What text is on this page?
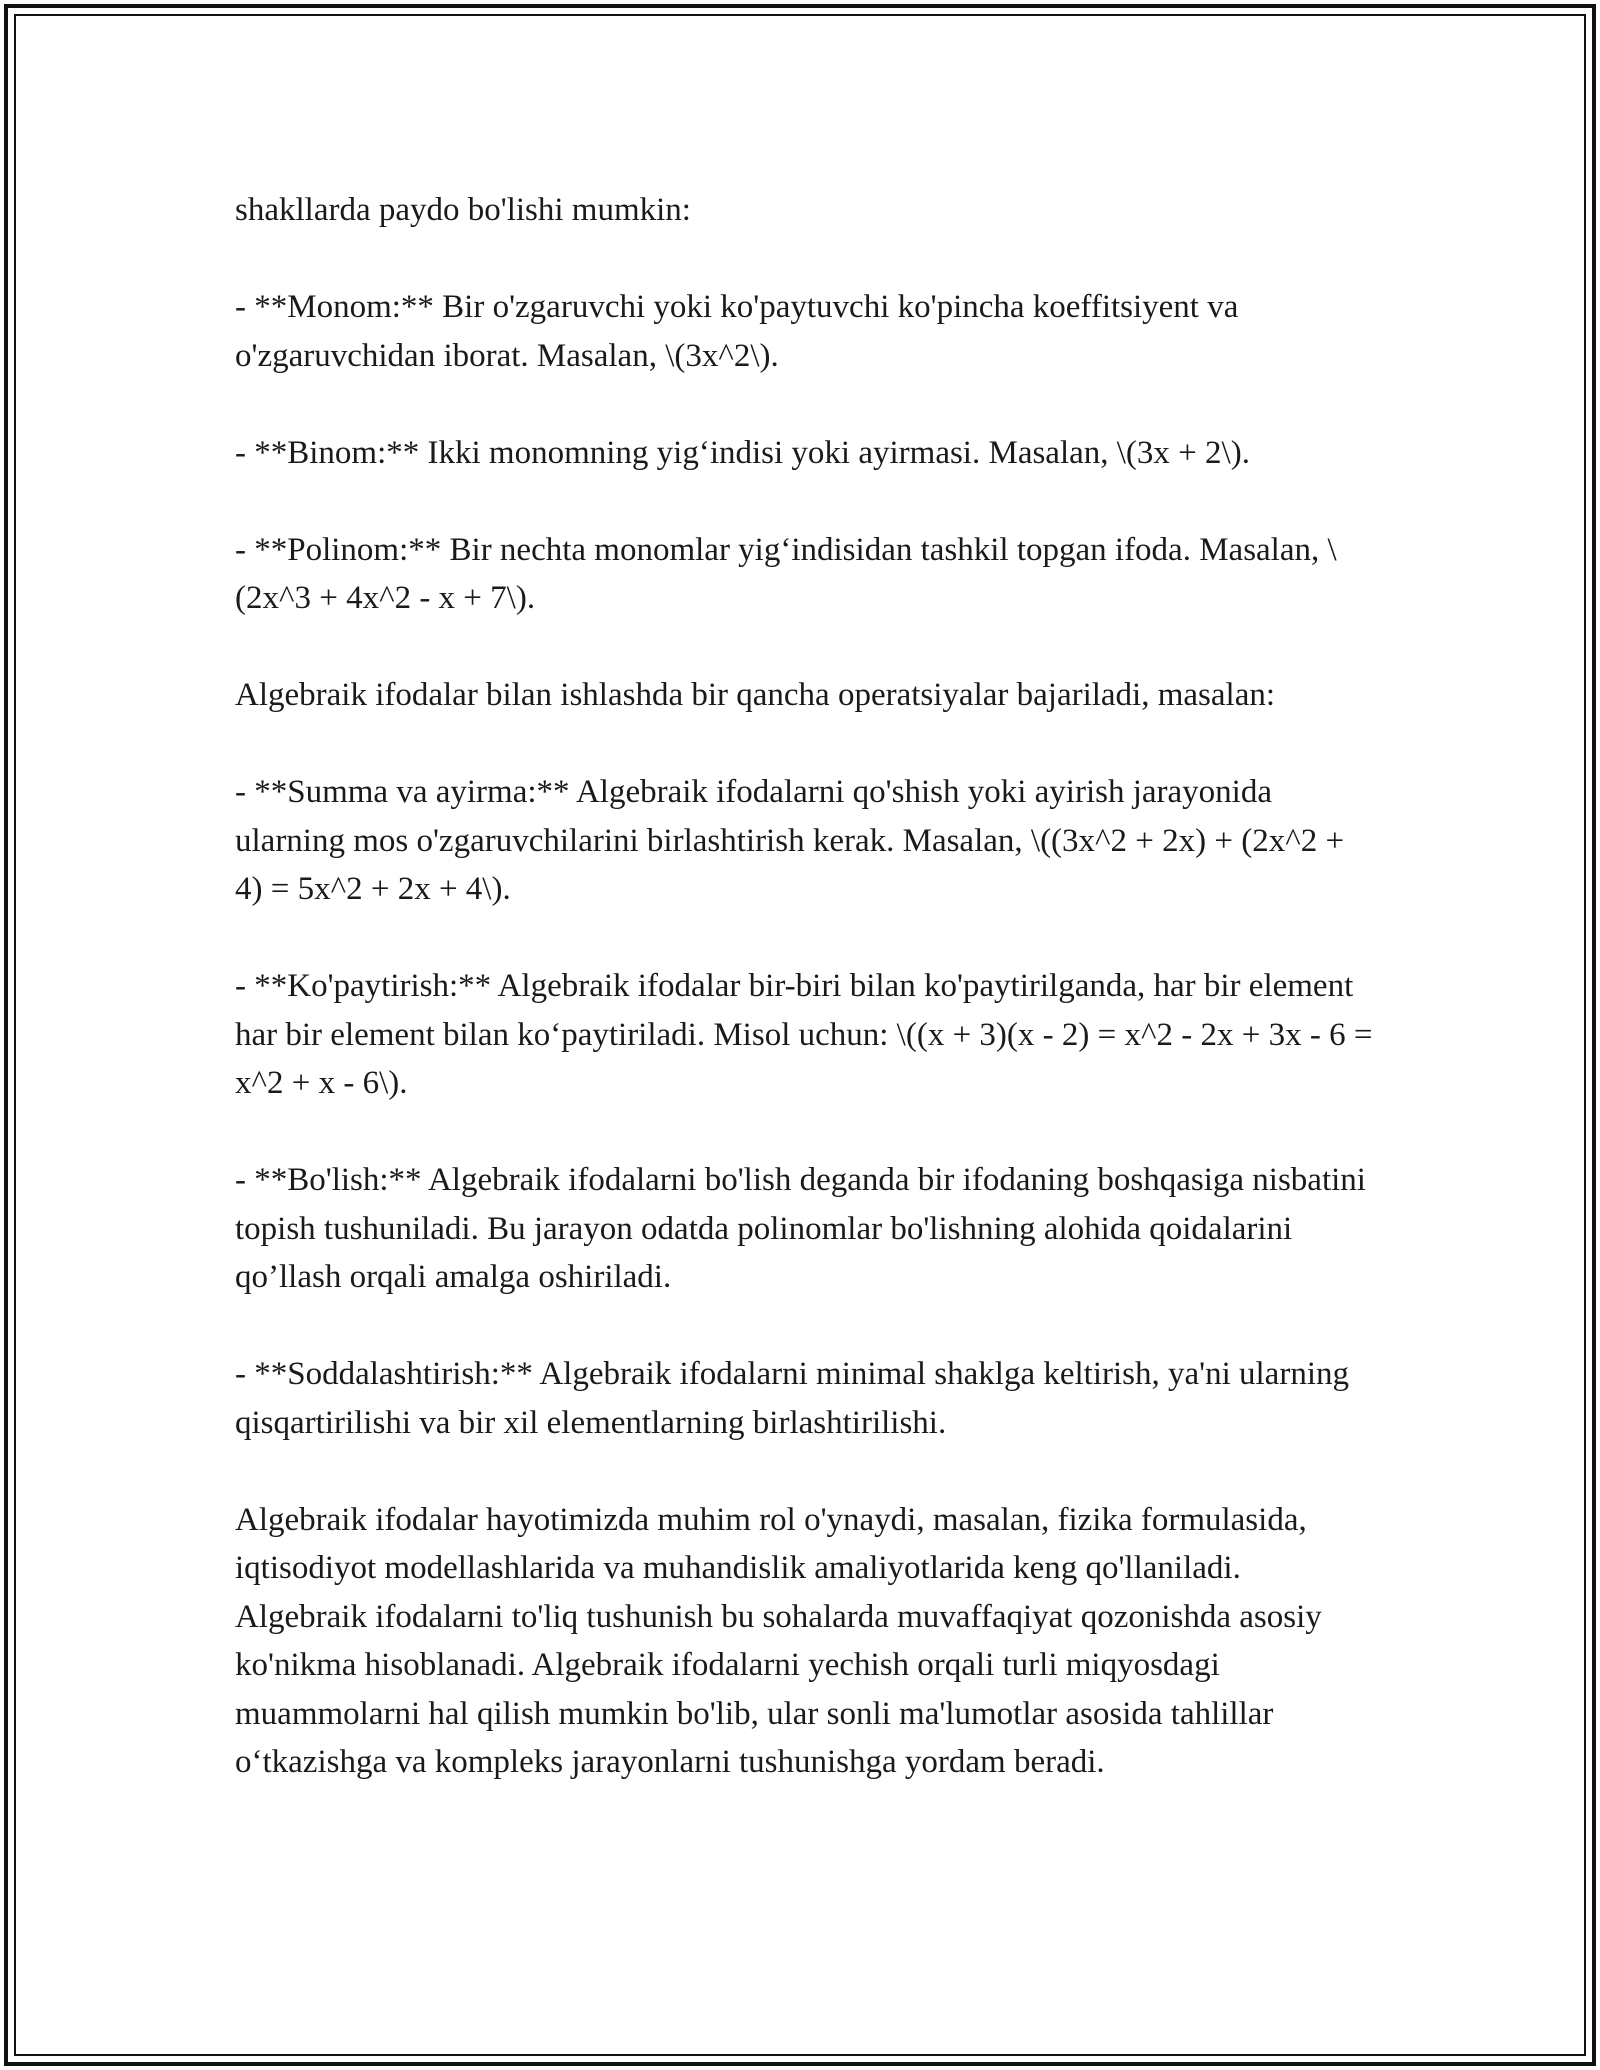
shakllarda paydo bo'lishi mumkin:

- **Monom:** Bir o'zgaruvchi yoki ko'paytuvchi ko'pincha koeffitsiyent va o'zgaruvchidan iborat. Masalan, \(3x^2\).

- **Binom:** Ikki monomning yig‘indisi yoki ayirmasi. Masalan, \(3x + 2\).

- **Polinom:** Bir nechta monomlar yig‘indisidan tashkil topgan ifoda. Masalan, \(2x^3 + 4x^2 - x + 7\).

Algebraik ifodalar bilan ishlashda bir qancha operatsiyalar bajariladi, masalan:

- **Summa va ayirma:** Algebraik ifodalarni qo'shish yoki ayirish jarayonida ularning mos o'zgaruvchilarini birlashtirish kerak. Masalan, \((3x^2 + 2x) + (2x^2 + 4) = 5x^2 + 2x + 4\).

- **Ko'paytirish:** Algebraik ifodalar bir-biri bilan ko'paytirilganda, har bir element har bir element bilan ko‘paytiriladi. Misol uchun: \((x + 3)(x - 2) = x^2 - 2x + 3x - 6 = x^2 + x - 6\).

- **Bo'lish:** Algebraik ifodalarni bo'lish deganda bir ifodaning boshqasiga nisbatini topish tushuniladi. Bu jarayon odatda polinomlar bo'lishning alohida qoidalarini qo’llash orqali amalga oshiriladi.

- **Soddalashtirish:** Algebraik ifodalarni minimal shaklga keltirish, ya'ni ularning qisqartirilishi va bir xil elementlarning birlashtirilishi.

Algebraik ifodalar hayotimizda muhim rol o'ynaydi, masalan, fizika formulasida, iqtisodiyot modellashlarida va muhandislik amaliyotlarida keng qo'llaniladi. Algebraik ifodalarni to'liq tushunish bu sohalarda muvaffaqiyat qozonishda asosiy ko'nikma hisoblanadi. Algebraik ifodalarni yechish orqali turli miqyosdagi muammolarni hal qilish mumkin bo'lib, ular sonli ma'lumotlar asosida tahlillar o‘tkazishga va kompleks jarayonlarni tushunishga yordam beradi.
